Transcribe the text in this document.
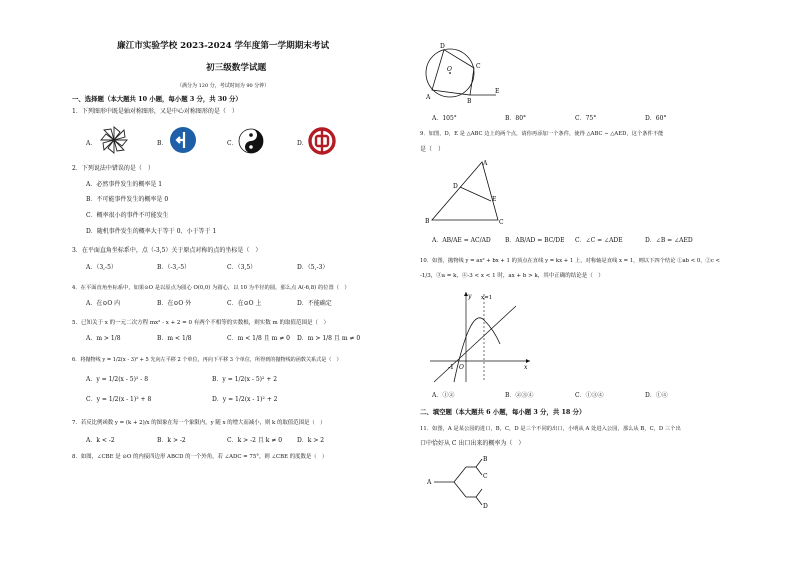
廉江市实验学校 2023-2024 学年度第一学期期末考试
初三级数学试题
（满分为 120 分，考试时间为 90 分钟）
一、选择题（本大题共 10 小题，每小题 3 分，共 30 分）
1．下列图形中既是轴对称图形，又是中心对称图形的是（　）
A．	B．	C．	D．
2．下列说法中错误的是（　）
A．必然事件发生的概率是 1
B．不可能事件发生的概率是 0
C．概率很小的事件不可能发生
D．随机事件发生的概率大于等于 0、小于等于 1
3．在平面直角坐标系中，点（-3,5）关于原点对称的点的坐标是（　）
A．（3,-5）	B．（-3,-5）	C．（3,5）	D．（5,-3）
4．在平面直角坐标系中，如果⊙O 是以原点为圆心 O(0,0) 为圆心，以 10 为半径的圆，那么点 A(-6,8) 的位置（　）
A．在⊙O 内	B．在⊙O 外	C．在⊙O 上	D．不能确定
5．已知关于 x 的一元二次方程 mx² - x + 2 = 0 有两个不相等的实数根，则实数 m 的取值范围是（　）
A．m > 1/8	B．m < 1/8	C．m < 1/8 且 m ≠ 0 D．m > 1/8 且 m ≠ 0
6．将抛物线 y = 1/2(x - 3)² + 5 先向左平移 2 个单位，再向下平移 3 个单位，所得到的抛物线的函数关系式是（　）
A．y = 1/2(x - 5)² - 8	B．y = 1/2(x - 5)² + 2
C．y = 1/2(x - 1)² + 8	D．y = 1/2(x - 1)² + 2
7．若反比例函数 y = (k + 2)/x 的图象在每一个象限内，y 随 x 的增大而减小，则 k 的取值范围是（　）
A．k < -2	B．k > -2	C．k > -2 且 k ≠ 0 D．k > 2
8．如图，∠CBE 是 ⊙O 的内接四边形 ABCD 的一个外角，若 ∠ADC = 75°，则 ∠CBE 的度数是（　）
D
O	C
A
B
E
A．105°	B．80°	C．75°	D．60°
9．如图，D，E 是 △ABC 边上的两个点，请你再添加一个条件，使得 △ABC ∽ △AED，这个条件不能
是（　）
A
D
E
B	C
A．AB/AE = AC/AD B．AB/AD = BC/DE C．∠C = ∠ADE	D．∠B = ∠AED
10．如图，抛物线 y = ax² + bx + 1 的顶点在直线 y = kx + 1 上，对称轴是直线 x = 1，则以下四个结论 ①ab < 0，②c <
-1/3，③a = k，④-3 < x < 1 时，ax + b > k，其中正确的结论是（　）
y x=1
-1 O	x
A．①②	B．②③④	C．①③④	D．①④
二、填空题（本大题共 6 小题，每小题 3 分，共 18 分）
11．如图，A 是某公园的进口，B，C，D 是三个不同的出口，小明从 A 处进入公园，那么从 B，C，D 三个出
口中恰好从 C 出口出来的概率为（　）
B
A
C
D
